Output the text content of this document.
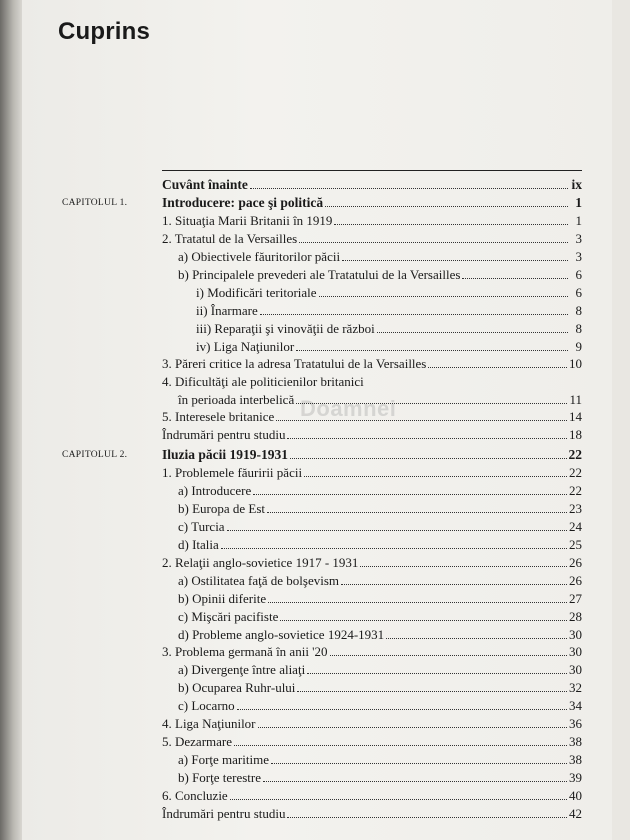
Cuprins
Doamnei
Cuvânt înainte	ix
CAPITOLUL 1.	Introducere: pace şi politică	1
1. Situaţia Marii Britanii în 1919	1
2. Tratatul de la Versailles	3
a) Obiectivele făuritorilor păcii	3
b) Principalele prevederi ale Tratatului de la Versailles	6
i) Modificări teritoriale	6
ii) Înarmare	8
iii) Reparaţii şi vinovăţii de război	8
iv) Liga Naţiunilor	9
3. Păreri critice la adresa Tratatului de la Versailles	10
4. Dificultăţi ale politicienilor britanici
în perioada interbelică	11
5. Interesele britanice	14
Îndrumări pentru studiu	18
CAPITOLUL 2.	Iluzia păcii 1919-1931	22
1. Problemele făuririi păcii	22
a) Introducere	22
b) Europa de Est	23
c) Turcia	24
d) Italia	25
2. Relaţii anglo-sovietice 1917 - 1931	26
a) Ostilitatea faţă de bolşevism	26
b) Opinii diferite	27
c) Mişcări pacifiste	28
d) Probleme anglo-sovietice 1924-1931	30
3. Problema germană în anii '20	30
a) Divergenţe între aliaţi	30
b) Ocuparea Ruhr-ului	32
c) Locarno	34
4. Liga Naţiunilor	36
5. Dezarmare	38
a) Forţe maritime	38
b) Forţe terestre	39
6. Concluzie	40
Îndrumări pentru studiu	42
